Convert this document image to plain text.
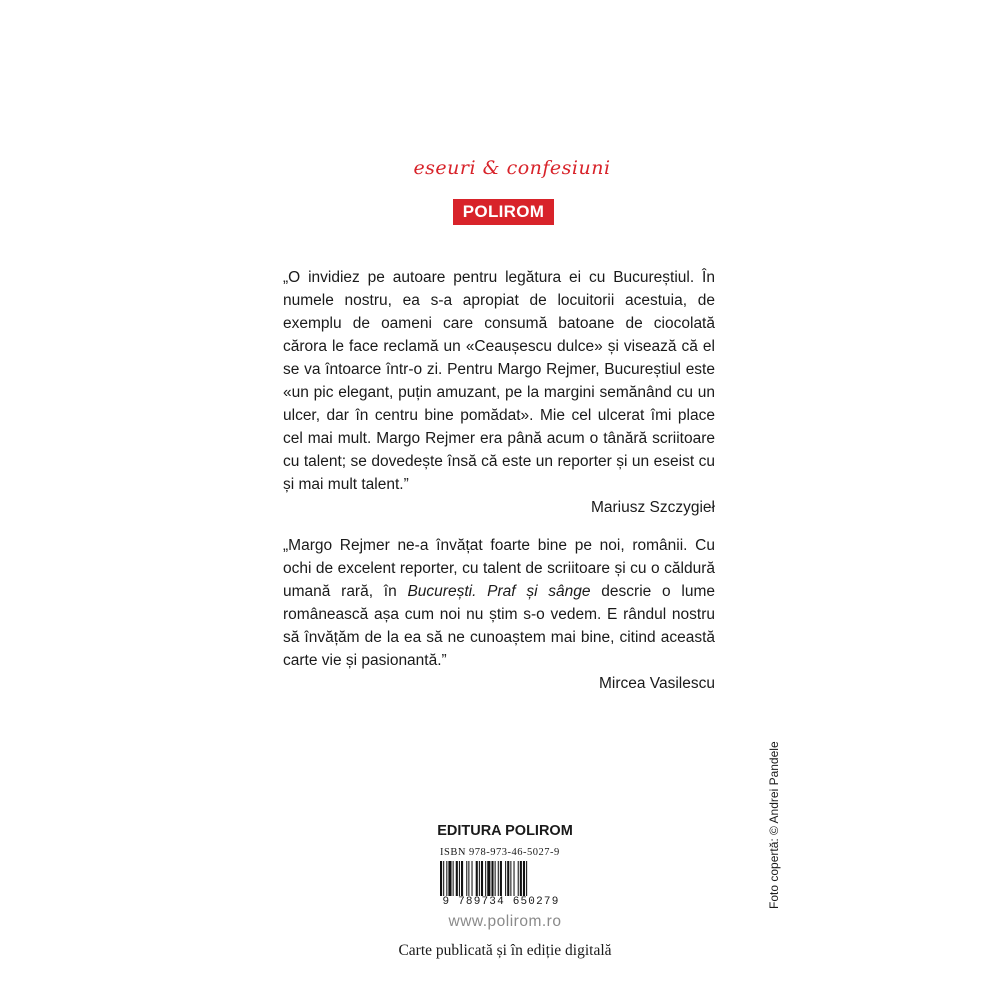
eseuri & confesiuni
POLIROM

„O invidiez pe autoare pentru legătura ei cu Bucureștiul. În numele nostru, ea s-a apropiat de locuitorii acestuia, de exemplu de oameni care consumă batoane de ciocolată cărora le face reclamă un «Ceaușescu dulce» și visează că el se va întoarce într-o zi. Pentru Margo Rejmer, Bucureștiul este «un pic elegant, puțin amuzant, pe la margini semănând cu un ulcer, dar în centru bine pomădat». Mie cel ulcerat îmi place cel mai mult. Margo Rejmer era până acum o tânără scriitoare cu talent; se dovedește însă că este un reporter și un eseist cu și mai mult talent.”

Mariusz Szczygieł

„Margo Rejmer ne-a învățat foarte bine pe noi, românii. Cu ochi de excelent reporter, cu talent de scriitoare și cu o căldură umană rară, în București. Praf și sânge descrie o lume românească așa cum noi nu știm s-o vedem. E rândul nostru să învățăm de la ea să ne cunoaștem mai bine, citind această carte vie și pasionantă.”

Mircea Vasilescu

Foto copertă: © Andrei Pandele
EDITURA POLIROM
ISBN 978-973-46-5027-9
9 789734 650279
www.polirom.ro
Carte publicată și în ediție digitală
